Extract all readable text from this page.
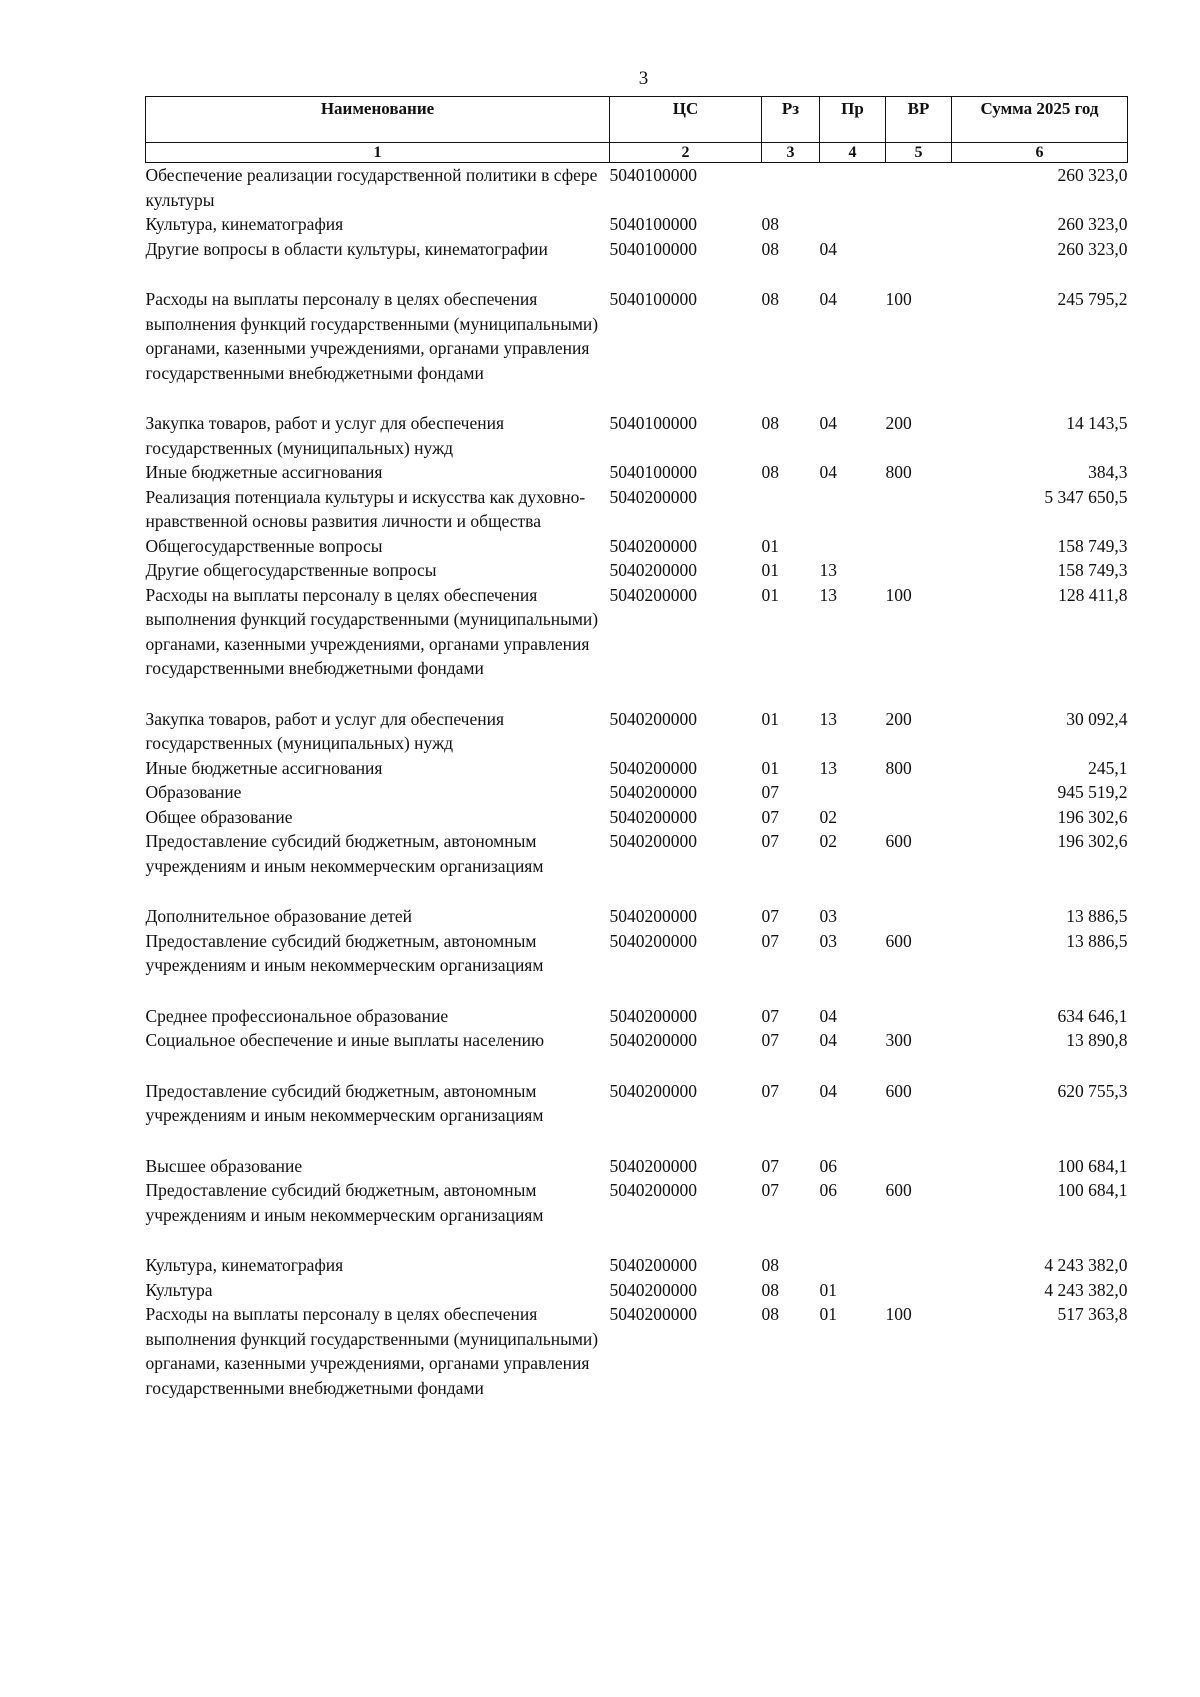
3
Наименование	ЦС	Рз	Пр	ВР	Сумма 2025 год
1	2	3	4	5	6
Обеспечение реализации государственной политики в сфере культуры	5040100000				260 323,0
Культура, кинематография	5040100000	08			260 323,0
Другие вопросы в области культуры, кинематографии	5040100000	08	04		260 323,0
Расходы на выплаты персоналу в целях обеспечения выполнения функций государственными (муниципальными) органами, казенными учреждениями, органами управления государственными внебюджетными фондами	5040100000	08	04	100	245 795,2
Закупка товаров, работ и услуг для обеспечения государственных (муниципальных) нужд	5040100000	08	04	200	14 143,5
Иные бюджетные ассигнования	5040100000	08	04	800	384,3
Реализация потенциала культуры и искусства как духовно-нравственной основы развития личности и общества	5040200000				5 347 650,5
Общегосударственные вопросы	5040200000	01			158 749,3
Другие общегосударственные вопросы	5040200000	01	13		158 749,3
Расходы на выплаты персоналу в целях обеспечения выполнения функций государственными (муниципальными) органами, казенными учреждениями, органами управления государственными внебюджетными фондами	5040200000	01	13	100	128 411,8
Закупка товаров, работ и услуг для обеспечения государственных (муниципальных) нужд	5040200000	01	13	200	30 092,4
Иные бюджетные ассигнования	5040200000	01	13	800	245,1
Образование	5040200000	07			945 519,2
Общее образование	5040200000	07	02		196 302,6
Предоставление субсидий бюджетным, автономным учреждениям и иным некоммерческим организациям	5040200000	07	02	600	196 302,6
Дополнительное образование детей	5040200000	07	03		13 886,5
Предоставление субсидий бюджетным, автономным учреждениям и иным некоммерческим организациям	5040200000	07	03	600	13 886,5
Среднее профессиональное образование	5040200000	07	04		634 646,1
Социальное обеспечение и иные выплаты населению	5040200000	07	04	300	13 890,8
Предоставление субсидий бюджетным, автономным учреждениям и иным некоммерческим организациям	5040200000	07	04	600	620 755,3
Высшее образование	5040200000	07	06		100 684,1
Предоставление субсидий бюджетным, автономным учреждениям и иным некоммерческим организациям	5040200000	07	06	600	100 684,1
Культура, кинематография	5040200000	08			4 243 382,0
Культура	5040200000	08	01		4 243 382,0
Расходы на выплаты персоналу в целях обеспечения выполнения функций государственными (муниципальными) органами, казенными учреждениями, органами управления государственными внебюджетными фондами	5040200000	08	01	100	517 363,8
